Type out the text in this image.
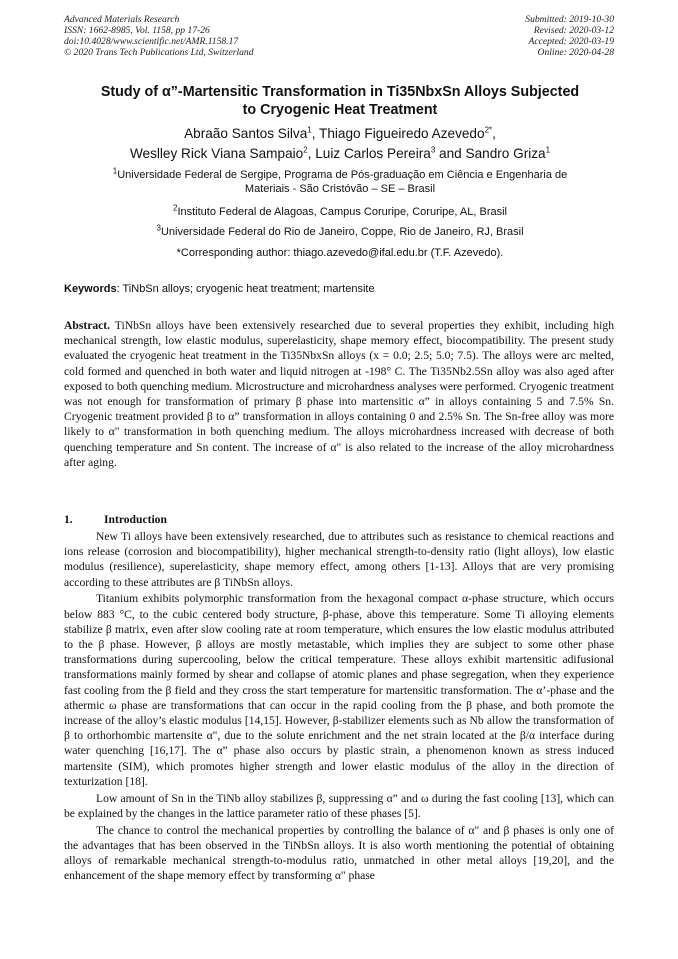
Advanced Materials Research
ISSN: 1662-8985, Vol. 1158, pp 17-26
doi:10.4028/www.scientific.net/AMR.1158.17
© 2020 Trans Tech Publications Ltd, Switzerland
Submitted: 2019-10-30
Revised: 2020-03-12
Accepted: 2020-03-19
Online: 2020-04-28
Study of α”-Martensitic Transformation in Ti35NbxSn Alloys Subjected
to Cryogenic Heat Treatment
Abraão Santos Silva$^1$, Thiago Figueiredo Azevedo$^{2*}$,
Weslley Rick Viana Sampaio$^2$, Luiz Carlos Pereira$^3$ and Sandro Griza$^1$
$^1$Universidade Federal de Sergipe, Programa de Pós-graduação em Ciência e Engenharia de
Materiais - São Cristóvão – SE – Brasil
$^2$Instituto Federal de Alagoas, Campus Coruripe, Coruripe, AL, Brasil
$^3$Universidade Federal do Rio de Janeiro, Coppe, Rio de Janeiro, RJ, Brasil
*Corresponding author: thiago.azevedo@ifal.edu.br (T.F. Azevedo).
Keywords: TiNbSn alloys; cryogenic heat treatment; martensite
Abstract. TiNbSn alloys have been extensively researched due to several properties they exhibit, including high mechanical strength, low elastic modulus, superelasticity, shape memory effect, biocompatibility. The present study evaluated the cryogenic heat treatment in the Ti35NbxSn alloys (x = 0.0; 2.5; 5.0; 7.5). The alloys were arc melted, cold formed and quenched in both water and liquid nitrogen at -198° C. The Ti35Nb2.5Sn alloy was also aged after exposed to both quenching medium. Microstructure and microhardness analyses were performed. Cryogenic treatment was not enough for transformation of primary β phase into martensitic α” in alloys containing 5 and 7.5% Sn. Cryogenic treatment provided β to α” transformation in alloys containing 0 and 2.5% Sn. The Sn-free alloy was more likely to α" transformation in both quenching medium. The alloys microhardness increased with decrease of both quenching temperature and Sn content. The increase of α" is also related to the increase of the alloy microhardness after aging.
1.	Introduction

New Ti alloys have been extensively researched, due to attributes such as resistance to chemical reactions and ions release (corrosion and biocompatibility), higher mechanical strength-to-density ratio (light alloys), low elastic modulus (resilience), superelasticity, shape memory effect, among others [1-13]. Alloys that are very promising according to these attributes are β TiNbSn alloys.

Titanium exhibits polymorphic transformation from the hexagonal compact α-phase structure, which occurs below 883 °C, to the cubic centered body structure, β-phase, above this temperature. Some Ti alloying elements stabilize β matrix, even after slow cooling rate at room temperature, which ensures the low elastic modulus attributed to the β phase. However, β alloys are mostly metastable, which implies they are subject to some other phase transformations during supercooling, below the critical temperature. These alloys exhibit martensitic adifusional transformations mainly formed by shear and collapse of atomic planes and phase segregation, when they experience fast cooling from the β field and they cross the start temperature for martensitic transformation. The α’-phase and the athermic ω phase are transformations that can occur in the rapid cooling from the β phase, and both promote the increase of the alloy’s elastic modulus [14,15]. However, β-stabilizer elements such as Nb allow the transformation of β to orthorhombic martensite α", due to the solute enrichment and the net strain located at the β/α interface during water quenching [16,17]. The α” phase also occurs by plastic strain, a phenomenon known as stress induced martensite (SIM), which promotes higher strength and lower elastic modulus of the alloy in the direction of texturization [18].

Low amount of Sn in the TiNb alloy stabilizes β, suppressing α” and ω during the fast cooling [13], which can be explained by the changes in the lattice parameter ratio of these phases [5].

The chance to control the mechanical properties by controlling the balance of α" and β phases is only one of the advantages that has been observed in the TiNbSn alloys. It is also worth mentioning the potential of obtaining alloys of remarkable mechanical strength-to-modulus ratio, unmatched in other metal alloys [19,20], and the enhancement of the shape memory effect by transforming α" phase
